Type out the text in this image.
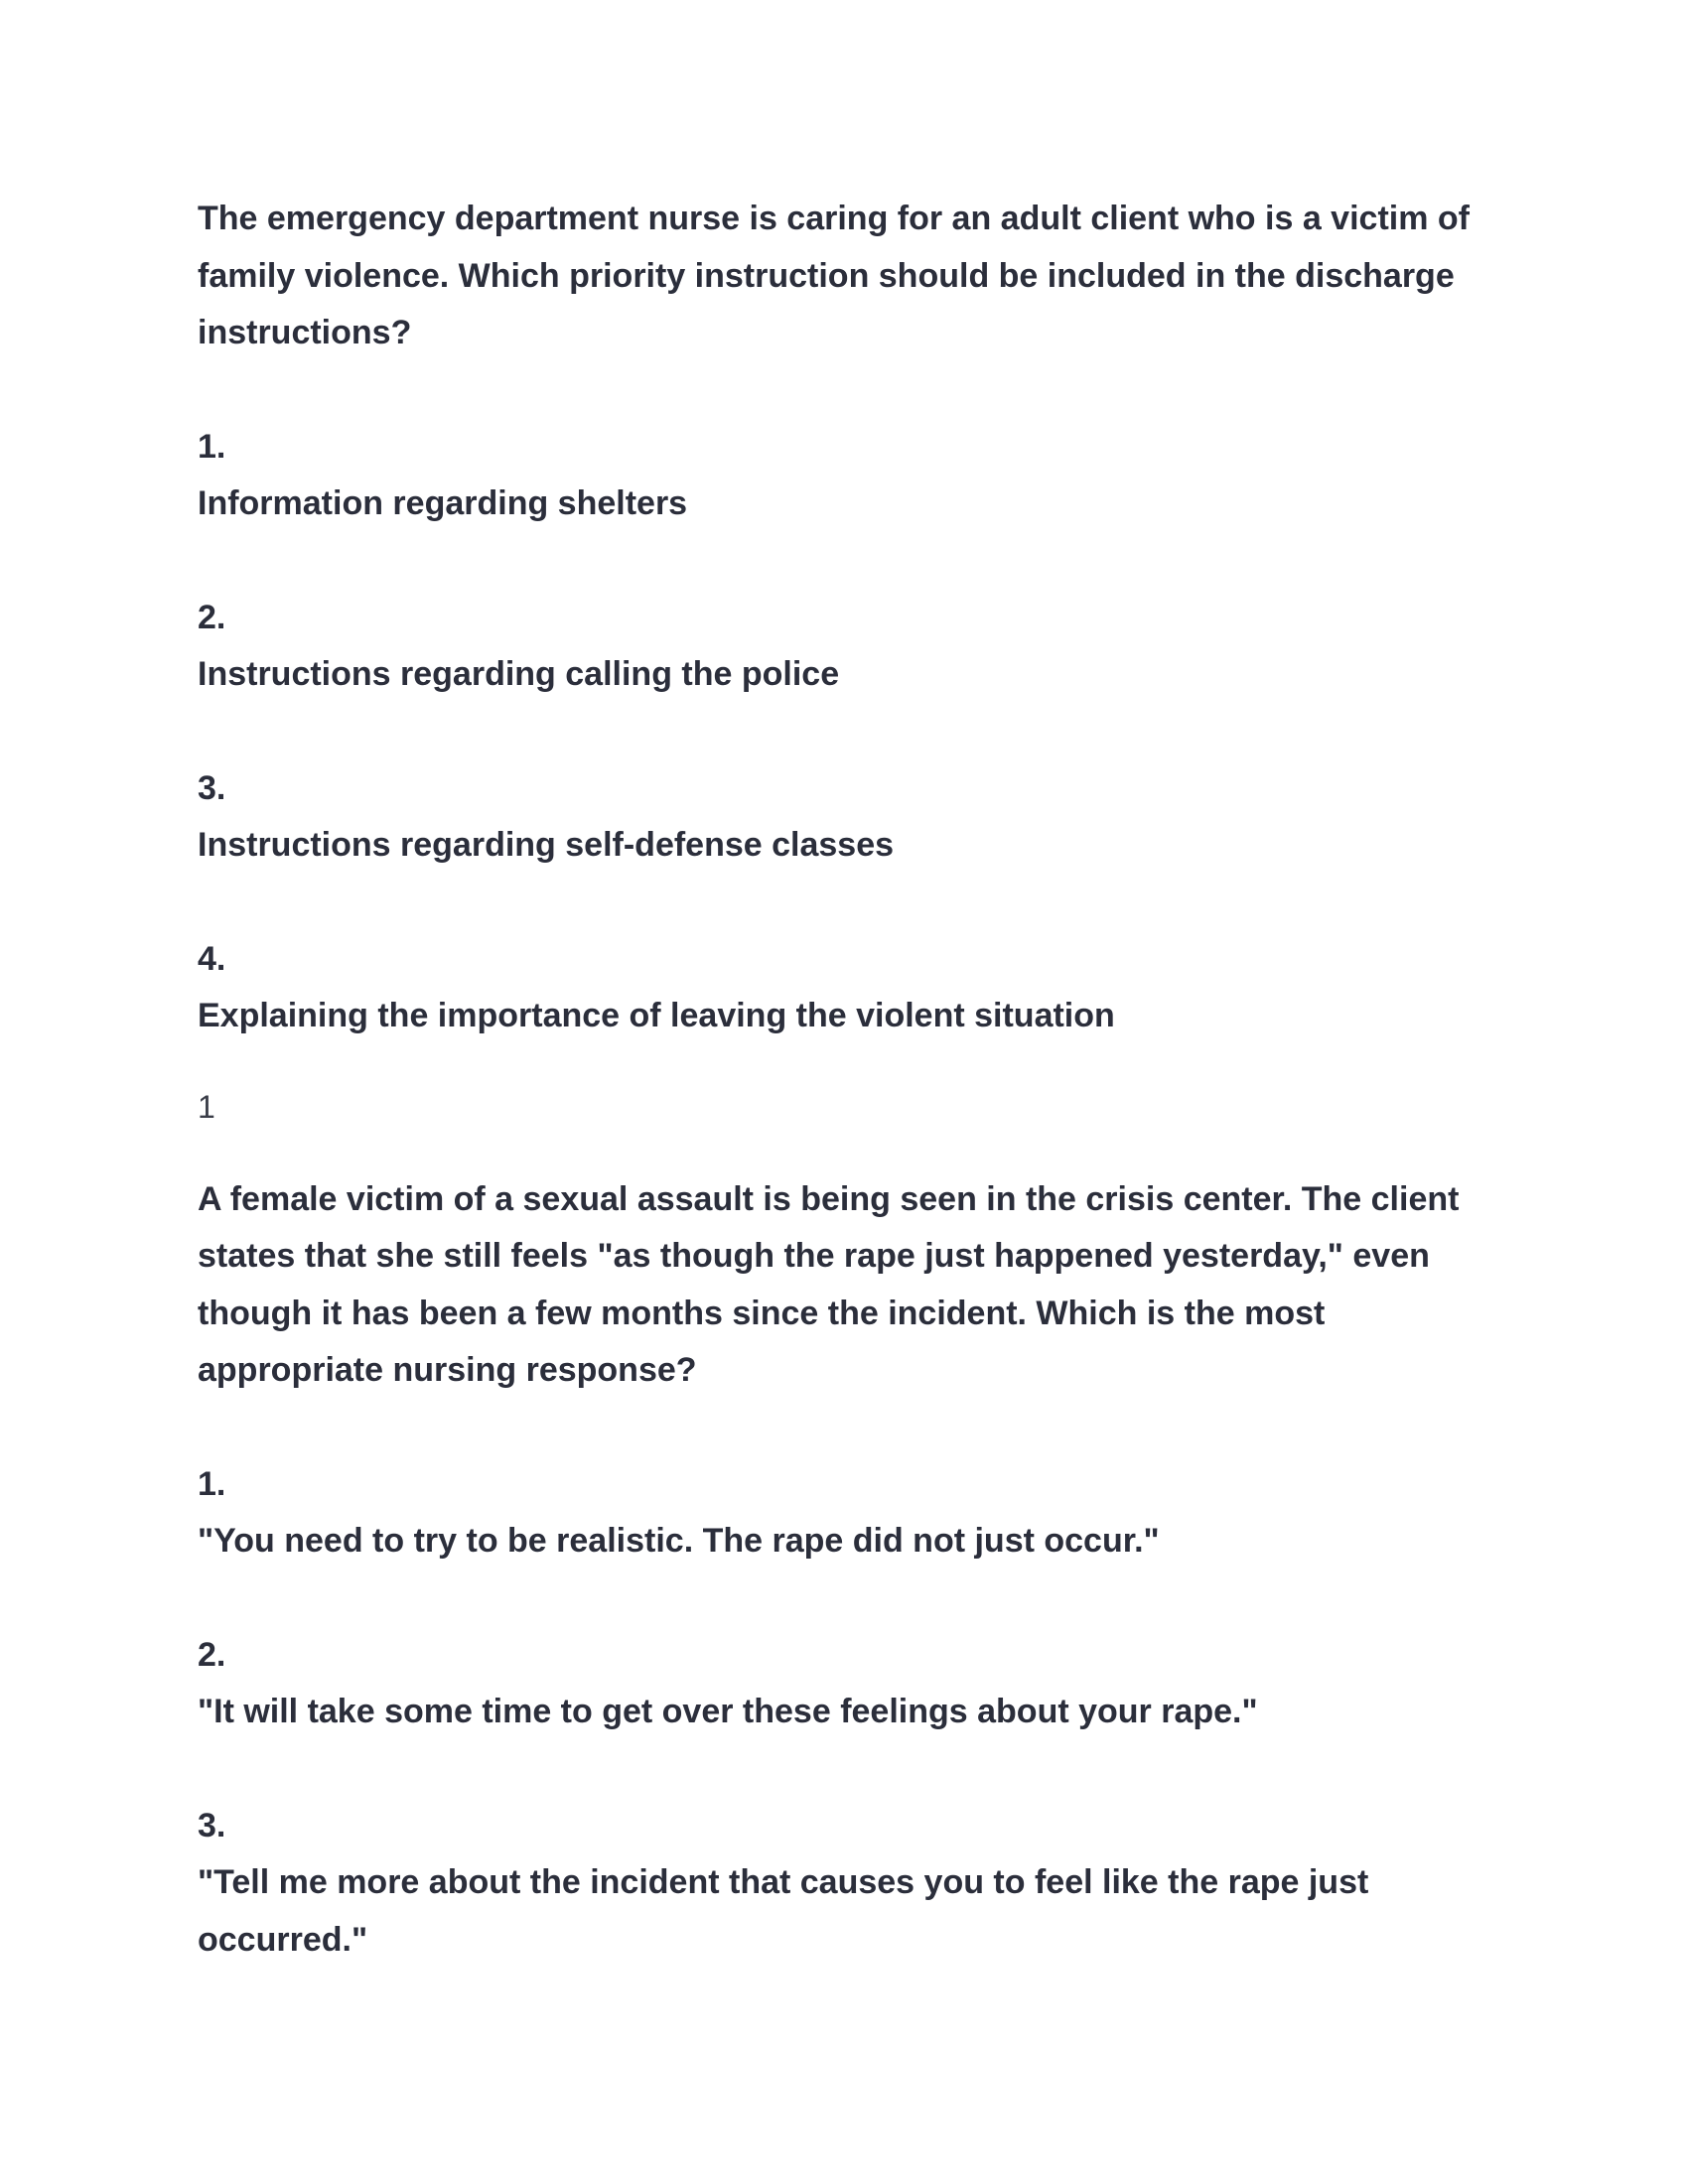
The emergency department nurse is caring for an adult client who is a victim of family violence. Which priority instruction should be included in the discharge instructions?

1.

Information regarding shelters

2.

Instructions regarding calling the police

3.

Instructions regarding self-defense classes

4.

Explaining the importance of leaving the violent situation

1

A female victim of a sexual assault is being seen in the crisis center. The client states that she still feels "as though the rape just happened yesterday," even though it has been a few months since the incident. Which is the most appropriate nursing response?

1.

"You need to try to be realistic. The rape did not just occur."

2.

"It will take some time to get over these feelings about your rape."

3.

"Tell me more about the incident that causes you to feel like the rape just occurred."
